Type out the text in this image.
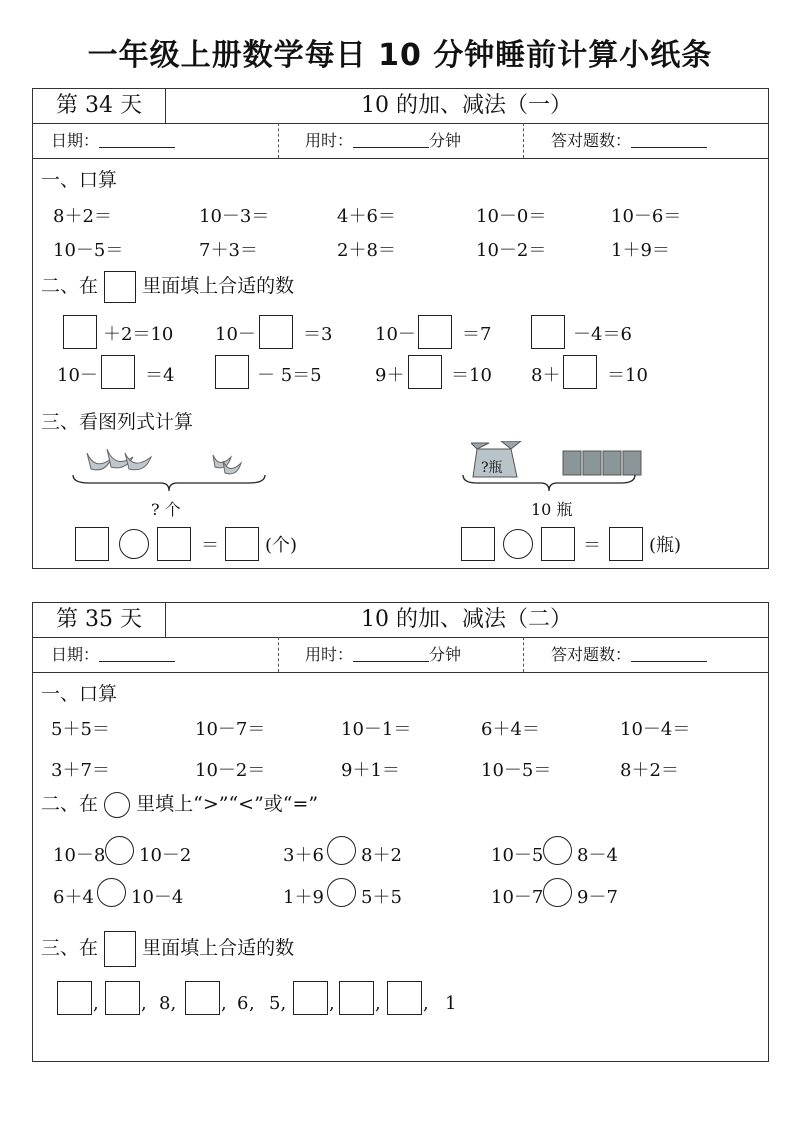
一年级上册数学每日 10 分钟睡前计算小纸条
第 34 天	10 的加、减法（一）
日期：	用时：	分钟	答对题数：
一、口算
8＋2＝	10－3＝	4＋6＝	10－0＝	10－6＝
10－5＝	7＋3＝	2＋8＝	10－2＝	1＋9＝
二、在 里面填上合适的数
＋2＝10 10－	＝3 10－	＝7	－4＝6
10－	＝4	－ 5＝5	9＋	＝10 8＋	＝10
三、看图列式计算
? 个
＝	(个)
?瓶
10 瓶
＝	(瓶)
第 35 天	10 的加、减法（二）
日期：	用时：	分钟	答对题数：
一、口算
5＋5＝	10－7＝	10－1＝	6＋4＝	10－4＝
3＋7＝	10－2＝	9＋1＝	10－5＝	8＋2＝
二、在 里填上“>”“<”或“=”
10－8 10－2	3＋6 8＋2	10－5 8－4
6＋4 10－4	1＋9 5＋5	10－7 9－7
三、在 里面填上合适的数
, , 8, , 6 , 5, , , , 1
